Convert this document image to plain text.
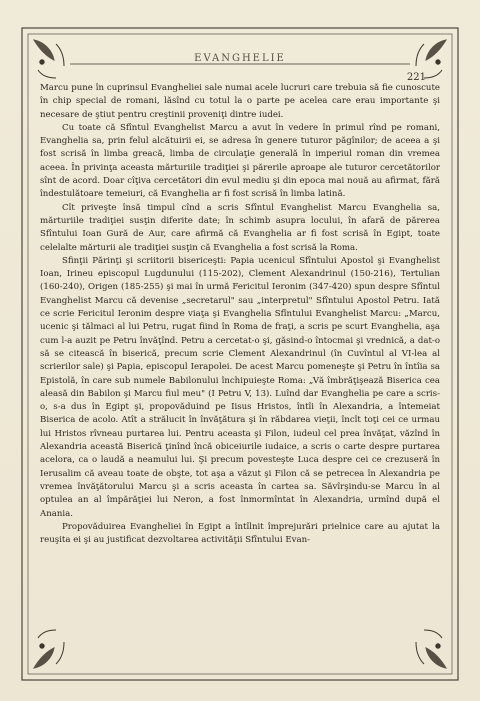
EVANGHELIE
221

Marcu pune în cuprinsul Evangheliei sale numai acele lucruri care trebuia să fie cunoscute în chip special de romani, lăsînd cu totul la o parte pe acelea care erau importante şi necesare de ştiut pentru creştinii proveniţi dintre iudei.

Cu toate că Sfîntul Evanghelist Marcu a avut în vedere în primul rînd pe romani, Evanghelia sa, prin felul alcătuirii ei, se adresa în genere tuturor păgînilor; de aceea a şi fost scrisă în limba greacă, limba de circulaţie generală în imperiul roman din vremea aceea. În privinţa aceasta mărturiile tradiţiei şi părerile aproape ale tuturor cercetătorilor sînt de acord. Doar cîţiva cercetători din evul mediu şi din epoca mai nouă au afirmat, fără îndestulătoare temeiuri, că Evanghelia ar fi fost scrisă în limba latină.

Cît priveşte însă timpul cînd a scris Sfîntul Evanghelist Marcu Evanghelia sa, mărturiile tradiţiei susţin diferite date; în schimb asupra locului, în afară de părerea Sfîntului Ioan Gură de Aur, care afirmă că Evanghelia ar fi fost scrisă în Egipt, toate celelalte mărturii ale tradiţiei susţin că Evanghelia a fost scrisă la Roma.

Sfinţii Părinţi şi scriitorii bisericeşti: Papia ucenicul Sfîntului Apostol şi Evanghelist Ioan, Irineu episcopul Lugdunului (115-202), Clement Alexandrinul (150-216), Tertulian (160-240), Origen (185-255) şi mai în urmă Fericitul Ieronim (347-420) spun despre Sfîntul Evanghelist Marcu că devenise „secretarul" sau „interpretul" Sfîntului Apostol Petru. Iată ce scrie Fericitul Ieronim despre viaţa şi Evanghelia Sfîntului Evanghelist Marcu: „Marcu, ucenic şi tălmaci al lui Petru, rugat fiind în Roma de fraţi, a scris pe scurt Evanghelia, aşa cum l-a auzit pe Petru învăţînd. Petru a cercetat-o şi, găsind-o întocmai şi vrednică, a dat-o să se citească în biserică, precum scrie Clement Alexandrinul (în Cuvîntul al VI-lea al scrierilor sale) şi Papia, episcopul Ierapolei. De acest Marcu pomeneşte şi Petru în întîia sa Epistolă, în care sub numele Babilonului închipuieşte Roma: „Vă îmbrăţişează Biserica cea aleasă din Babilon şi Marcu fiul meu" (I Petru V, 13). Luînd dar Evanghelia pe care a scris-o, s-a dus în Egipt şi, propovăduind pe Iisus Hristos, întîi în Alexandria, a întemeiat Biserica de acolo. Atît a strălucit în învăţătura şi în răbdarea vieţii, încît toţi cei ce urmau lui Hristos rîvneau purtarea lui. Pentru aceasta şi Filon, iudeul cel prea învăţat, văzînd în Alexandria această Biserică ţinînd încă obiceiurile iudaice, a scris o carte despre purtarea acelora, ca o laudă a neamului lui. Şi precum povesteşte Luca despre cei ce crezuseră în Ierusalim că aveau toate de obşte, tot aşa a văzut şi Filon că se petrecea în Alexandria pe vremea învăţătorului Marcu şi a scris aceasta în cartea sa. Săvîrşindu-se Marcu în al optulea an al împărăţiei lui Neron, a fost înmormîntat în Alexandria, urmînd după el Anania.

Propovăduirea Evangheliei în Egipt a întîlnit împrejurări prielnice care au ajutat la reuşita ei şi au justificat dezvoltarea activităţii Sfîntului Evan-
